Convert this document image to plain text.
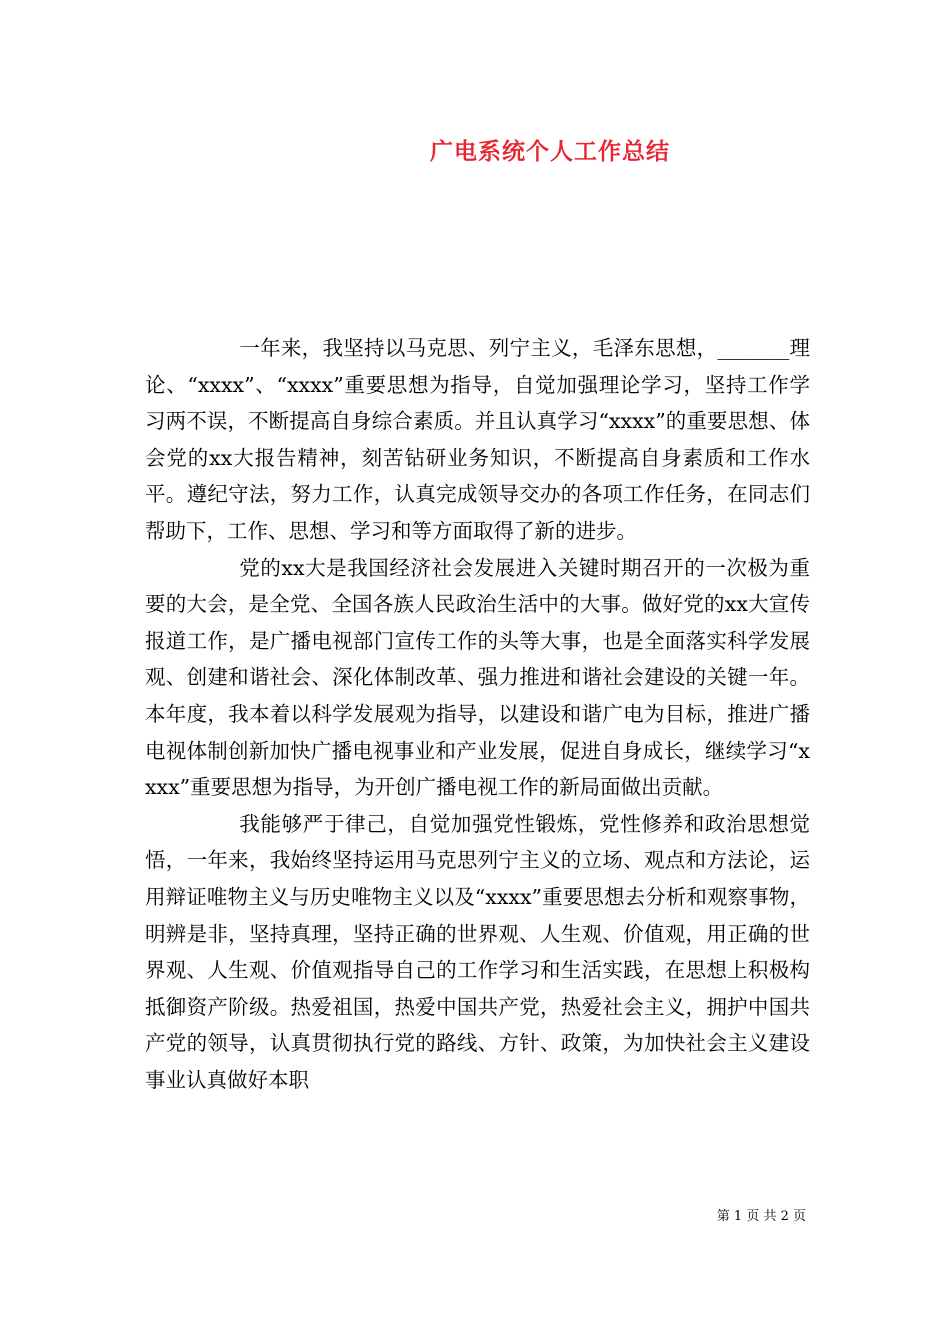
广电系统个人工作总结

一年来，我坚持以马克思、列宁主义，毛泽东思想，_______理论、“xxxx”、“xxxx”重要思想为指导，自觉加强理论学习，坚持工作学习两不误，不断提高自身综合素质。并且认真学习“xxxx”的重要思想、体会党的xx大报告精神，刻苦钻研业务知识，不断提高自身素质和工作水平。遵纪守法，努力工作，认真完成领导交办的各项工作任务，在同志们帮助下，工作、思想、学习和等方面取得了新的进步。

党的xx大是我国经济社会发展进入关键时期召开的一次极为重要的大会，是全党、全国各族人民政治生活中的大事。做好党的xx大宣传报道工作，是广播电视部门宣传工作的头等大事，也是全面落实科学发展观、创建和谐社会、深化体制改革、强力推进和谐社会建设的关键一年。本年度，我本着以科学发展观为指导，以建设和谐广电为目标，推进广播电视体制创新加快广播电视事业和产业发展，促进自身成长，继续学习“xxxx”重要思想为指导，为开创广播电视工作的新局面做出贡献。

我能够严于律己，自觉加强党性锻炼，党性修养和政治思想觉悟，一年来，我始终坚持运用马克思列宁主义的立场、观点和方法论，运用辩证唯物主义与历史唯物主义以及“xxxx”重要思想去分析和观察事物，明辨是非，坚持真理，坚持正确的世界观、人生观、价值观，用正确的世界观、人生观、价值观指导自己的工作学习和生活实践，在思想上积极构抵御资产阶级。热爱祖国，热爱中国共产党，热爱社会主义，拥护中国共产党的领导，认真贯彻执行党的路线、方针、政策，为加快社会主义建设事业认真做好本职

第 1 页 共 2 页
